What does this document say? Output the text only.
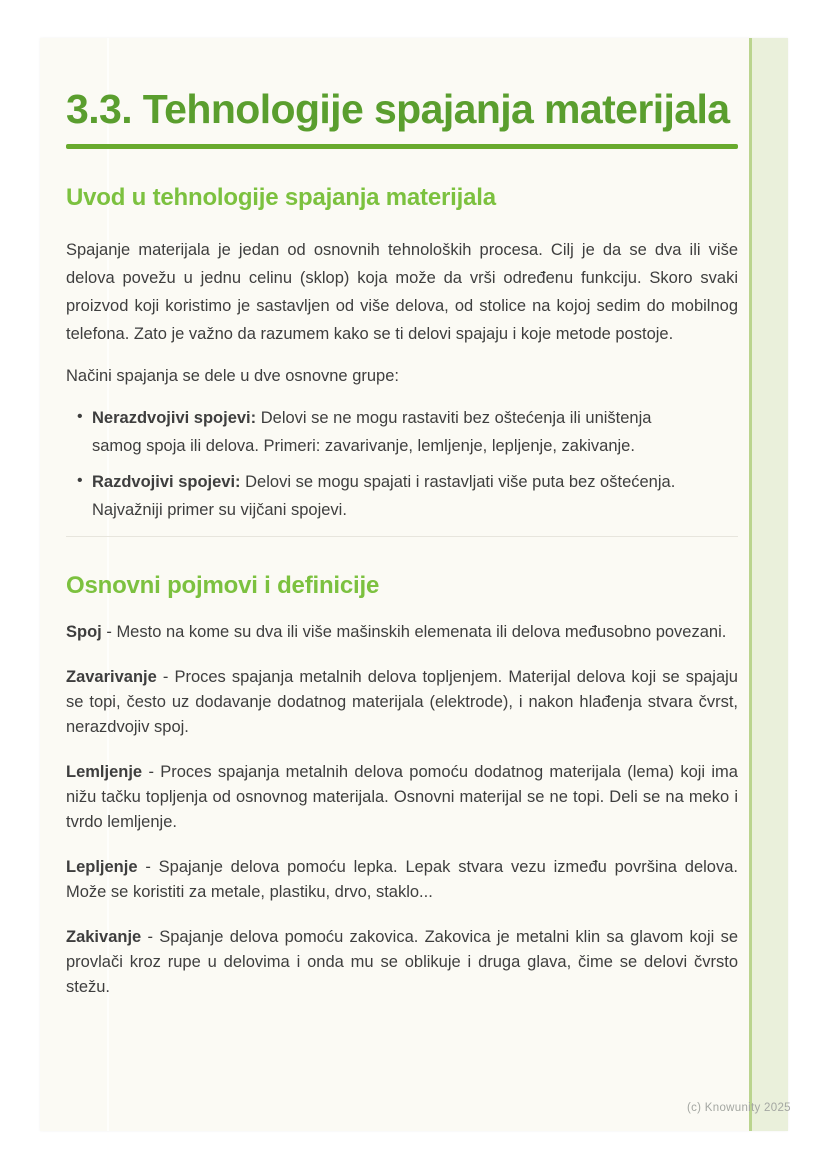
3.3. Tehnologije spajanja materijala
Uvod u tehnologije spajanja materijala

Spajanje materijala je jedan od osnovnih tehnoloških procesa. Cilj je da se dva ili više delova povežu u jednu celinu (sklop) koja može da vrši određenu funkciju. Skoro svaki proizvod koji koristimo je sastavljen od više delova, od stolice na kojoj sedim do mobilnog telefona. Zato je važno da razumem kako se ti delovi spajaju i koje metode postoje.

Načini spajanja se dele u dve osnovne grupe:

• Nerazdvojivi spojevi: Delovi se ne mogu rastaviti bez oštećenja ili uništenja samog spoja ili delova. Primeri: zavarivanje, lemljenje, lepljenje, zakivanje.
• Razdvojivi spojevi: Delovi se mogu spajati i rastavljati više puta bez oštećenja. Najvažniji primer su vijčani spojevi.
Osnovni pojmovi i definicije

Spoj - Mesto na kome su dva ili više mašinskih elemenata ili delova međusobno povezani.

Zavarivanje - Proces spajanja metalnih delova topljenjem. Materijal delova koji se spajaju se topi, često uz dodavanje dodatnog materijala (elektrode), i nakon hlađenja stvara čvrst, nerazdvojiv spoj.

Lemljenje - Proces spajanja metalnih delova pomoću dodatnog materijala (lema) koji ima nižu tačku topljenja od osnovnog materijala. Osnovni materijal se ne topi. Deli se na meko i tvrdo lemljenje.

Lepljenje - Spajanje delova pomoću lepka. Lepak stvara vezu između površina delova. Može se koristiti za metale, plastiku, drvo, staklo...

Zakivanje - Spajanje delova pomoću zakovica. Zakovica je metalni klin sa glavom koji se provlači kroz rupe u delovima i onda mu se oblikuje i druga glava, čime se delovi čvrsto stežu.

(c) Knowunity 2025
